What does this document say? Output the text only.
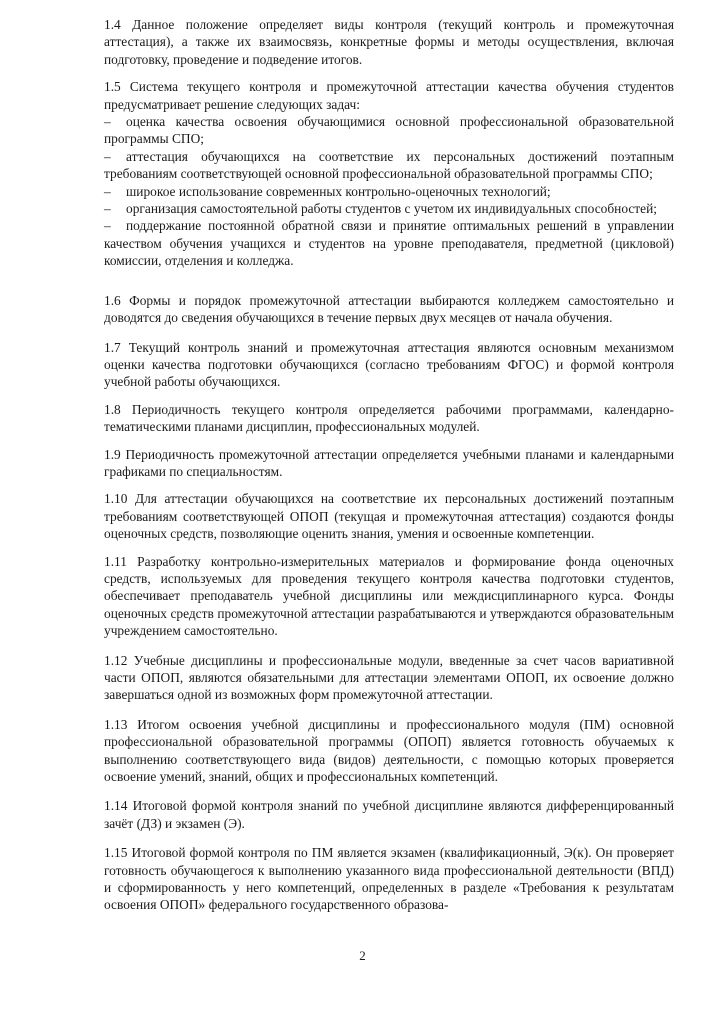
1.4 Данное положение определяет виды контроля (текущий контроль и промежуточная аттестация), а также их взаимосвязь, конкретные формы и методы осуществления, включая подготовку, проведение и подведение итогов.

1.5 Система текущего контроля и промежуточной аттестации качества обучения студентов предусматривает решение следующих задач:

– оценка качества освоения обучающимися основной профессиональной образовательной программы СПО;
– аттестация обучающихся на соответствие их персональных достижений поэтапным требованиям соответствующей основной профессиональной образовательной программы СПО;
– широкое использование современных контрольно-оценочных технологий;
– организация самостоятельной работы студентов с учетом их индивидуальных способностей;
– поддержание постоянной обратной связи и принятие оптимальных решений в управлении качеством обучения учащихся и студентов на уровне преподавателя, предметной (цикловой) комиссии, отделения и колледжа.

1.6 Формы и порядок промежуточной аттестации выбираются колледжем самостоятельно и доводятся до сведения обучающихся в течение первых двух месяцев от начала обучения.

1.7 Текущий контроль знаний и промежуточная аттестация являются основным механизмом оценки качества подготовки обучающихся (согласно требованиям ФГОС) и формой контроля учебной работы обучающихся.

1.8 Периодичность текущего контроля определяется рабочими программами, календарно-тематическими планами дисциплин, профессиональных модулей.

1.9 Периодичность промежуточной аттестации определяется учебными планами и календарными графиками по специальностям.

1.10 Для аттестации обучающихся на соответствие их персональных достижений поэтапным требованиям соответствующей ОПОП (текущая и промежуточная аттестация) создаются фонды оценочных средств, позволяющие оценить знания, умения и освоенные компетенции.

1.11 Разработку контрольно-измерительных материалов и формирование фонда оценочных средств, используемых для проведения текущего контроля качества подготовки студентов, обеспечивает преподаватель учебной дисциплины или междисциплинарного курса. Фонды оценочных средств промежуточной аттестации разрабатываются и утверждаются образовательным учреждением самостоятельно.

1.12 Учебные дисциплины и профессиональные модули, введенные за счет часов вариативной части ОПОП, являются обязательными для аттестации элементами ОПОП, их освоение должно завершаться одной из возможных форм промежуточной аттестации.

1.13 Итогом освоения учебной дисциплины и профессионального модуля (ПМ) основной профессиональной образовательной программы (ОПОП) является готовность обучаемых к выполнению соответствующего вида (видов) деятельности, с помощью которых проверяется освоение умений, знаний, общих и профессиональных компетенций.

1.14 Итоговой формой контроля знаний по учебной дисциплине являются дифференцированный зачёт (ДЗ) и экзамен (Э).

1.15 Итоговой формой контроля по ПМ является экзамен (квалификационный, Э(к). Он проверяет готовность обучающегося к выполнению указанного вида профессиональной деятельности (ВПД) и сформированность у него компетенций, определенных в разделе «Требования к результатам освоения ОПОП» федерального государственного образова-

2
